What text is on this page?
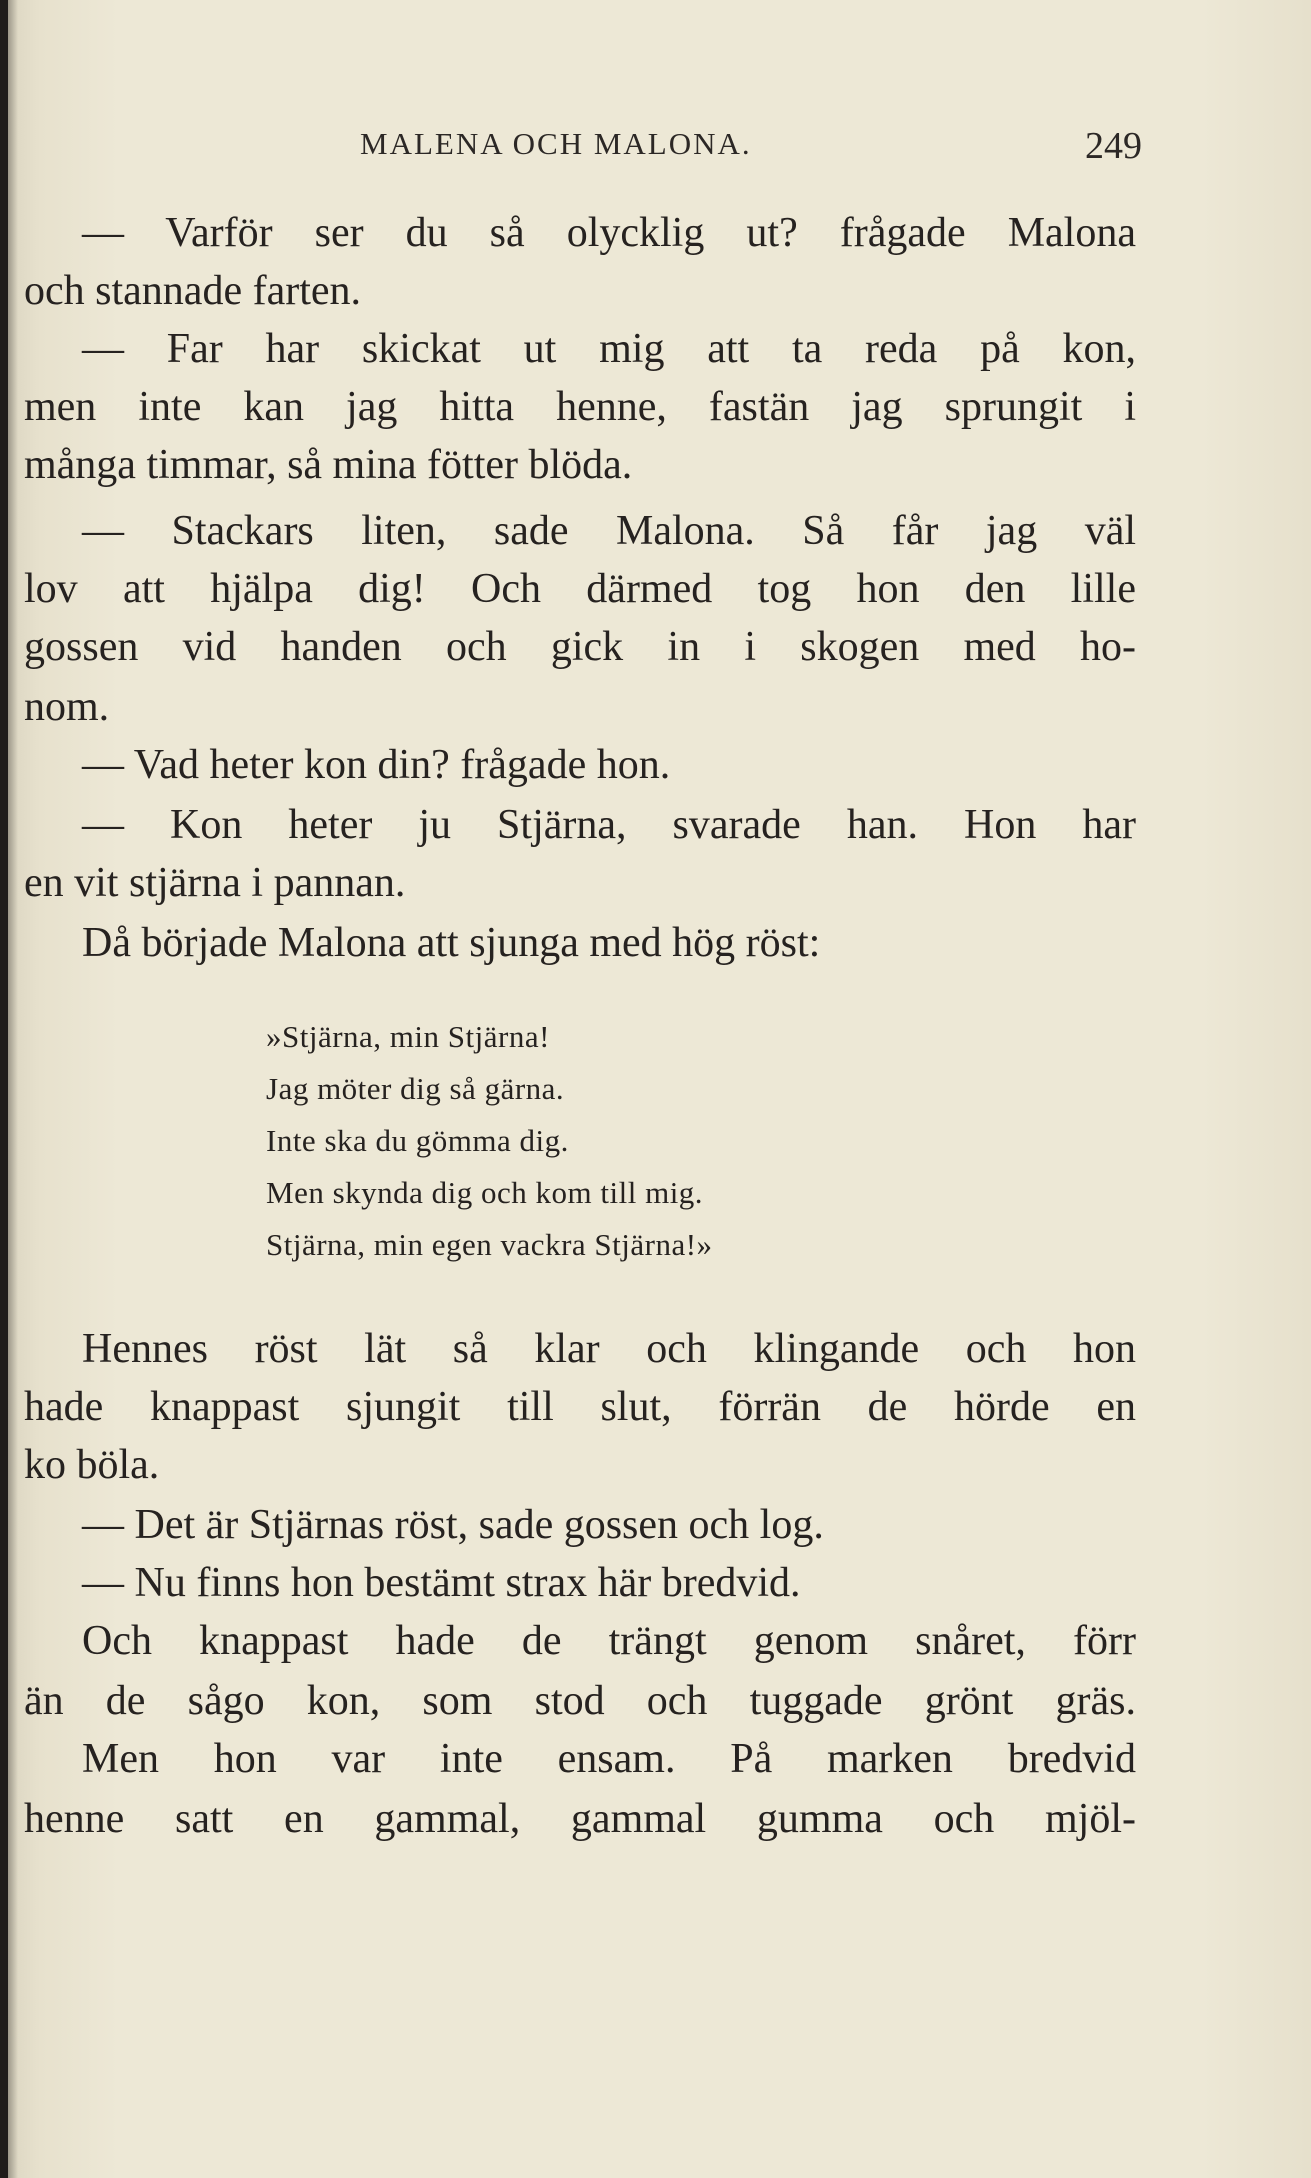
MALENA OCH MALONA.	249
— Varför ser du så olycklig ut? frågade Malona
och stannade farten.
— Far har skickat ut mig att ta reda på kon,
men inte kan jag hitta henne, fastän jag sprungit i
många timmar, så mina fötter blöda.
— Stackars liten, sade Malona. Så får jag väl
lov att hjälpa dig! Och därmed tog hon den lille
gossen vid handen och gick in i skogen med ho-
nom.
— Vad heter kon din? frågade hon.
— Kon heter ju Stjärna, svarade han. Hon har
en vit stjärna i pannan.
Då började Malona att sjunga med hög röst:
»Stjärna, min Stjärna!
Jag möter dig så gärna.
Inte ska du gömma dig.
Men skynda dig och kom till mig.
Stjärna, min egen vackra Stjärna!»
Hennes röst lät så klar och klingande och hon
hade knappast sjungit till slut, förrän de hörde en
ko böla.
— Det är Stjärnas röst, sade gossen och log.
— Nu finns hon bestämt strax här bredvid.
Och knappast hade de trängt genom snåret, förr
än de sågo kon, som stod och tuggade grönt gräs.
Men hon var inte ensam. På marken bredvid
henne satt en gammal, gammal gumma och mjöl-
